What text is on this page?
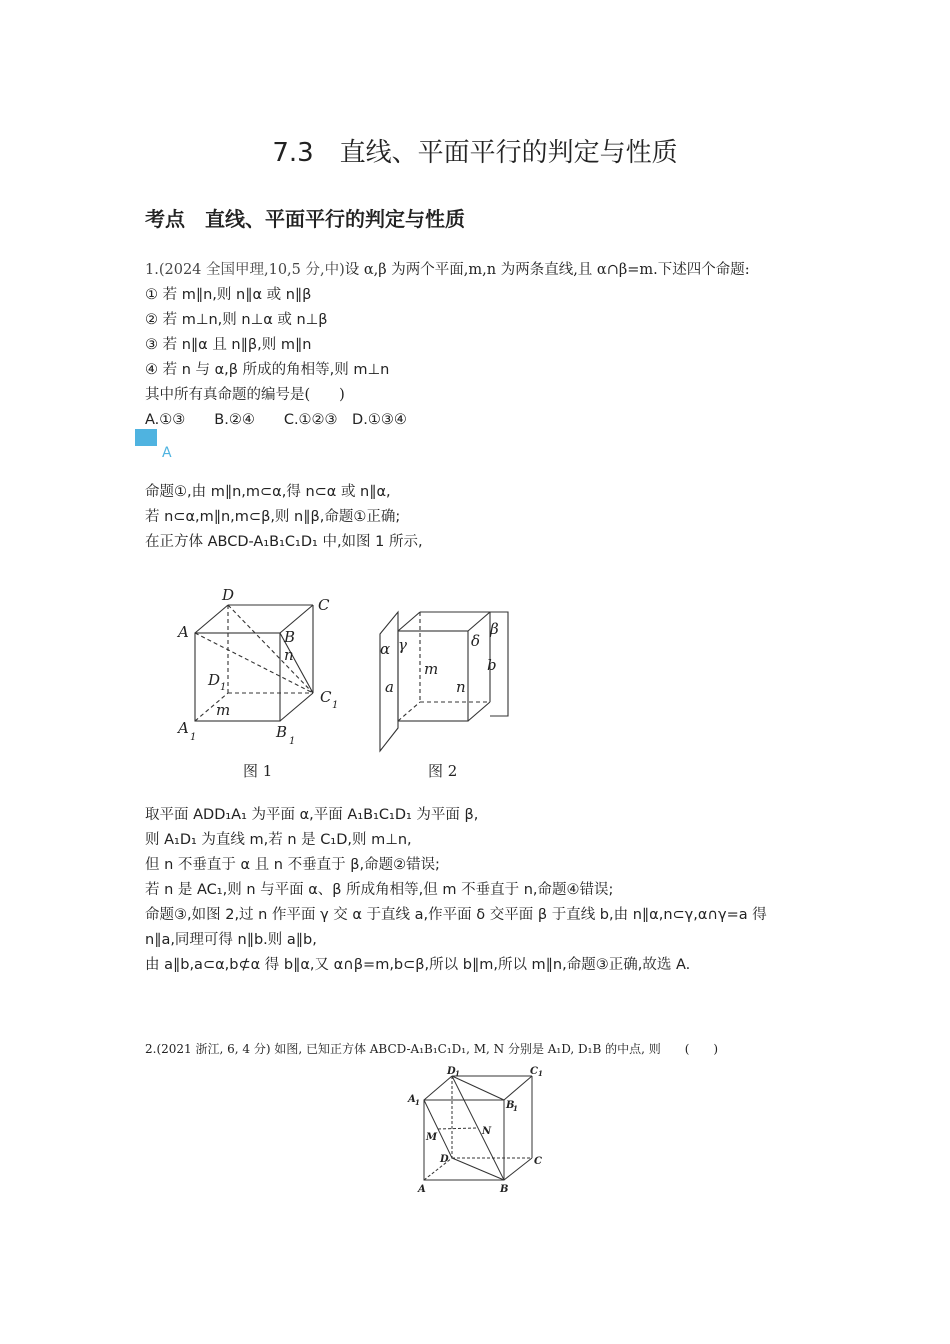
7.3　直线、平面平行的判定与性质
考点　直线、平面平行的判定与性质
1.(2024 全国甲理,10,5 分,中)设 α,β 为两个平面,m,n 为两条直线,且 α∩β=m.下述四个命题:
① 若 m∥n,则 n∥α 或 n∥β
② 若 m⊥n,则 n⊥α 或 n⊥β
③ 若 n∥α 且 n∥β,则 m∥n
④ 若 n 与 α,β 所成的角相等,则 m⊥n
其中所有真命题的编号是(　　)
A.①③　　B.②④　　C.①②③　D.①③④
A
命题①,由 m∥n,m⊂α,得 n⊂α 或 n∥α,
若 n⊂α,m∥n,m⊂β,则 n∥β,命题①正确;
在正方体 ABCD-A₁B₁C₁D₁ 中,如图 1 所示,
D
C
A	B
n
D 1
C 1
m
A
1	B
1
图 1
α γ	δ
β
m
a	n
b
图 2
取平面 ADD₁A₁ 为平面 α,平面 A₁B₁C₁D₁ 为平面 β,
则 A₁D₁ 为直线 m,若 n 是 C₁D,则 m⊥n,
但 n 不垂直于 α 且 n 不垂直于 β,命题②错误;
若 n 是 AC₁,则 n 与平面 α、β 所成角相等,但 m 不垂直于 n,命题④错误;
命题③,如图 2,过 n 作平面 γ 交 α 于直线 a,作平面 δ 交平面 β 于直线 b,由 n∥α,n⊂γ,α∩γ=a 得
n∥a,同理可得 n∥b.则 a∥b,
由 a∥b,a⊂α,b⊄α 得 b∥α,又 α∩β=m,b⊂β,所以 b∥m,所以 m∥n,命题③正确,故选 A.
2.(2021 浙江, 6, 4 分) 如图, 已知正方体 ABCD-A₁B₁C₁D₁, M, N 分别是 A₁D, D₁B 的中点, 则　　(　　)
D 1	C 1
A 1	B
1
M
N
D	C
A	B
